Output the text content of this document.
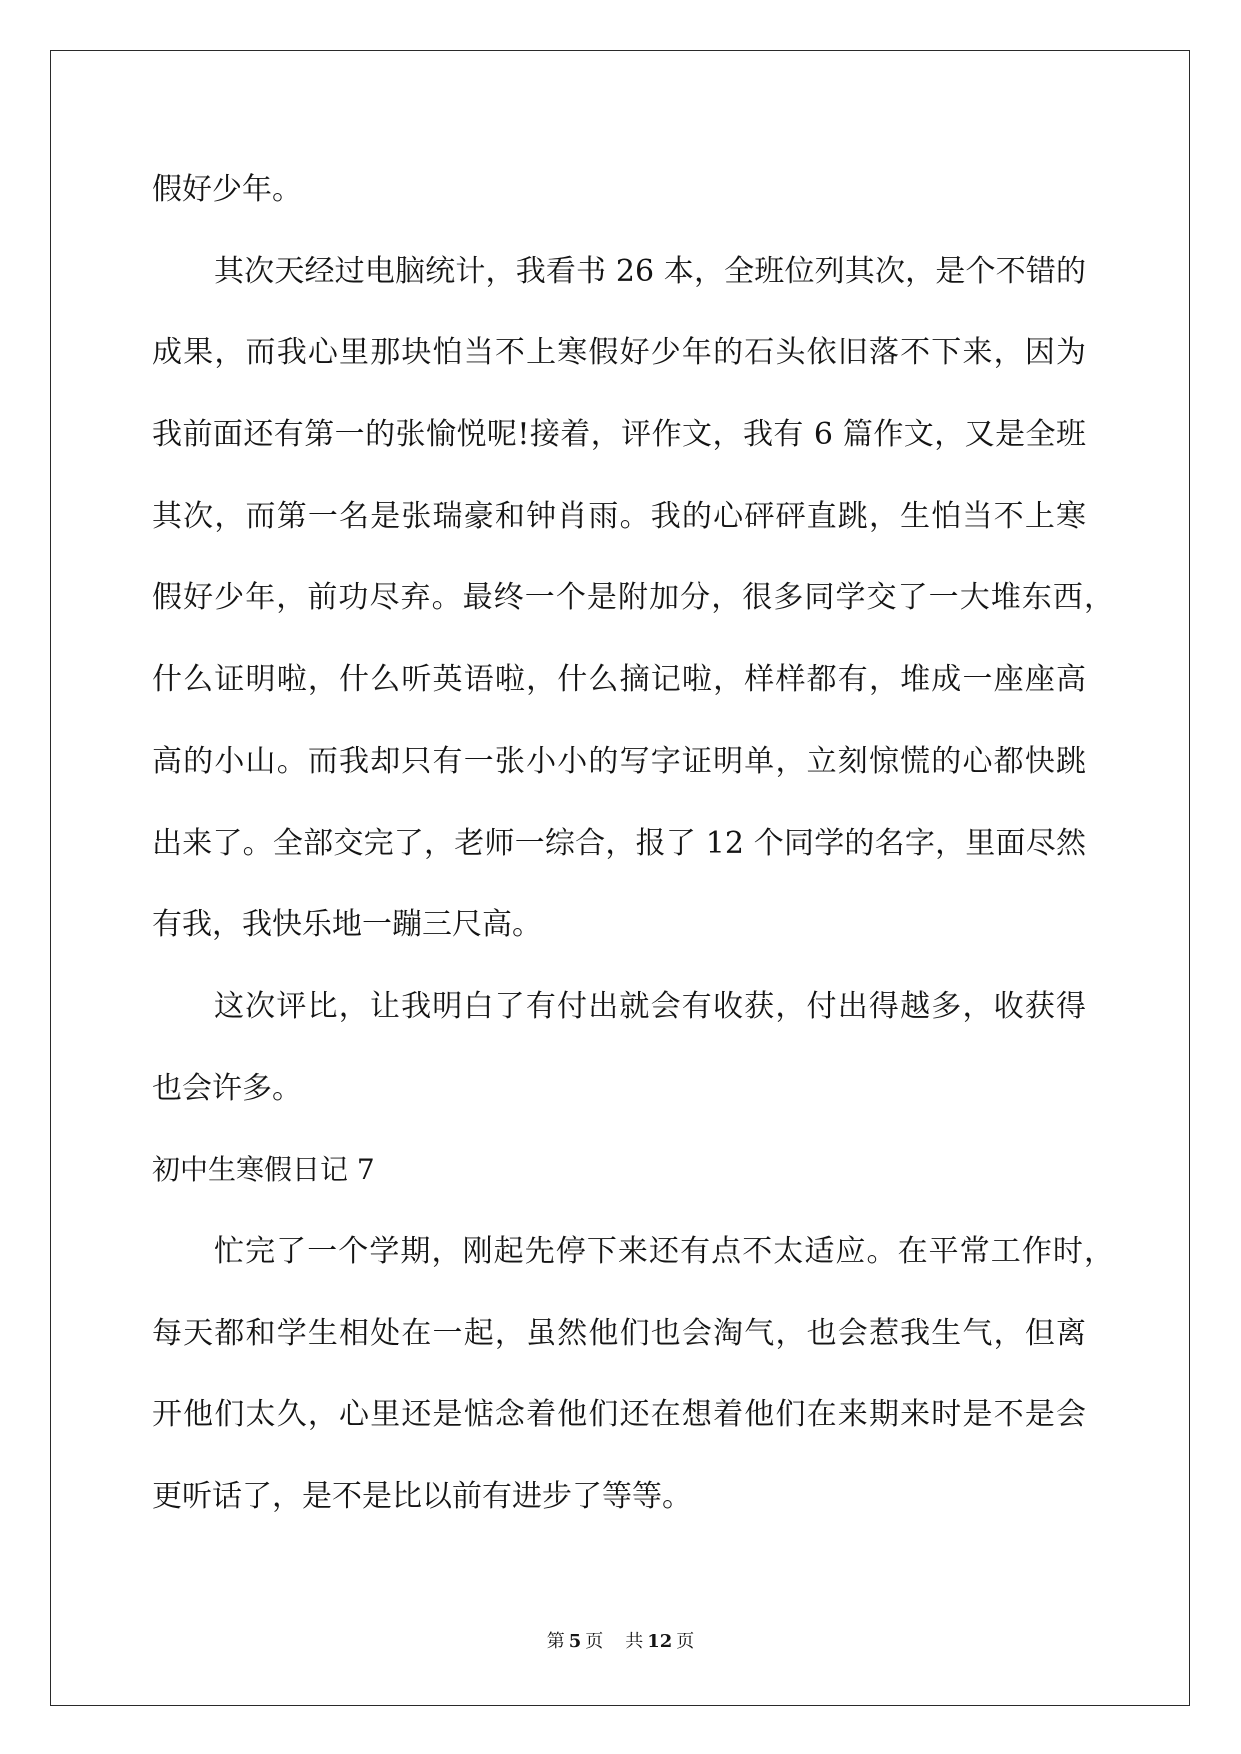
假好少年。
其次天经过电脑统计，我看书 26 本，全班位列其次，是个不错的
成果，而我心里那块怕当不上寒假好少年的石头依旧落不下来，因为
我前面还有第一的张愉悦呢!接着，评作文，我有 6 篇作文，又是全班
其次，而第一名是张瑞豪和钟肖雨。我的心砰砰直跳，生怕当不上寒
假好少年，前功尽弃。最终一个是附加分，很多同学交了一大堆东西，
什么证明啦，什么听英语啦，什么摘记啦，样样都有，堆成一座座高
高的小山。而我却只有一张小小的写字证明单，立刻惊慌的心都快跳
出来了。全部交完了，老师一综合，报了 12 个同学的名字，里面尽然
有我，我快乐地一蹦三尺高。
这次评比，让我明白了有付出就会有收获，付出得越多，收获得
也会许多。
初中生寒假日记 7
忙完了一个学期，刚起先停下来还有点不太适应。在平常工作时，
每天都和学生相处在一起，虽然他们也会淘气，也会惹我生气，但离
开他们太久，心里还是惦念着他们还在想着他们在来期来时是不是会
更听话了，是不是比以前有进步了等等。
第 5 页 共 12 页
